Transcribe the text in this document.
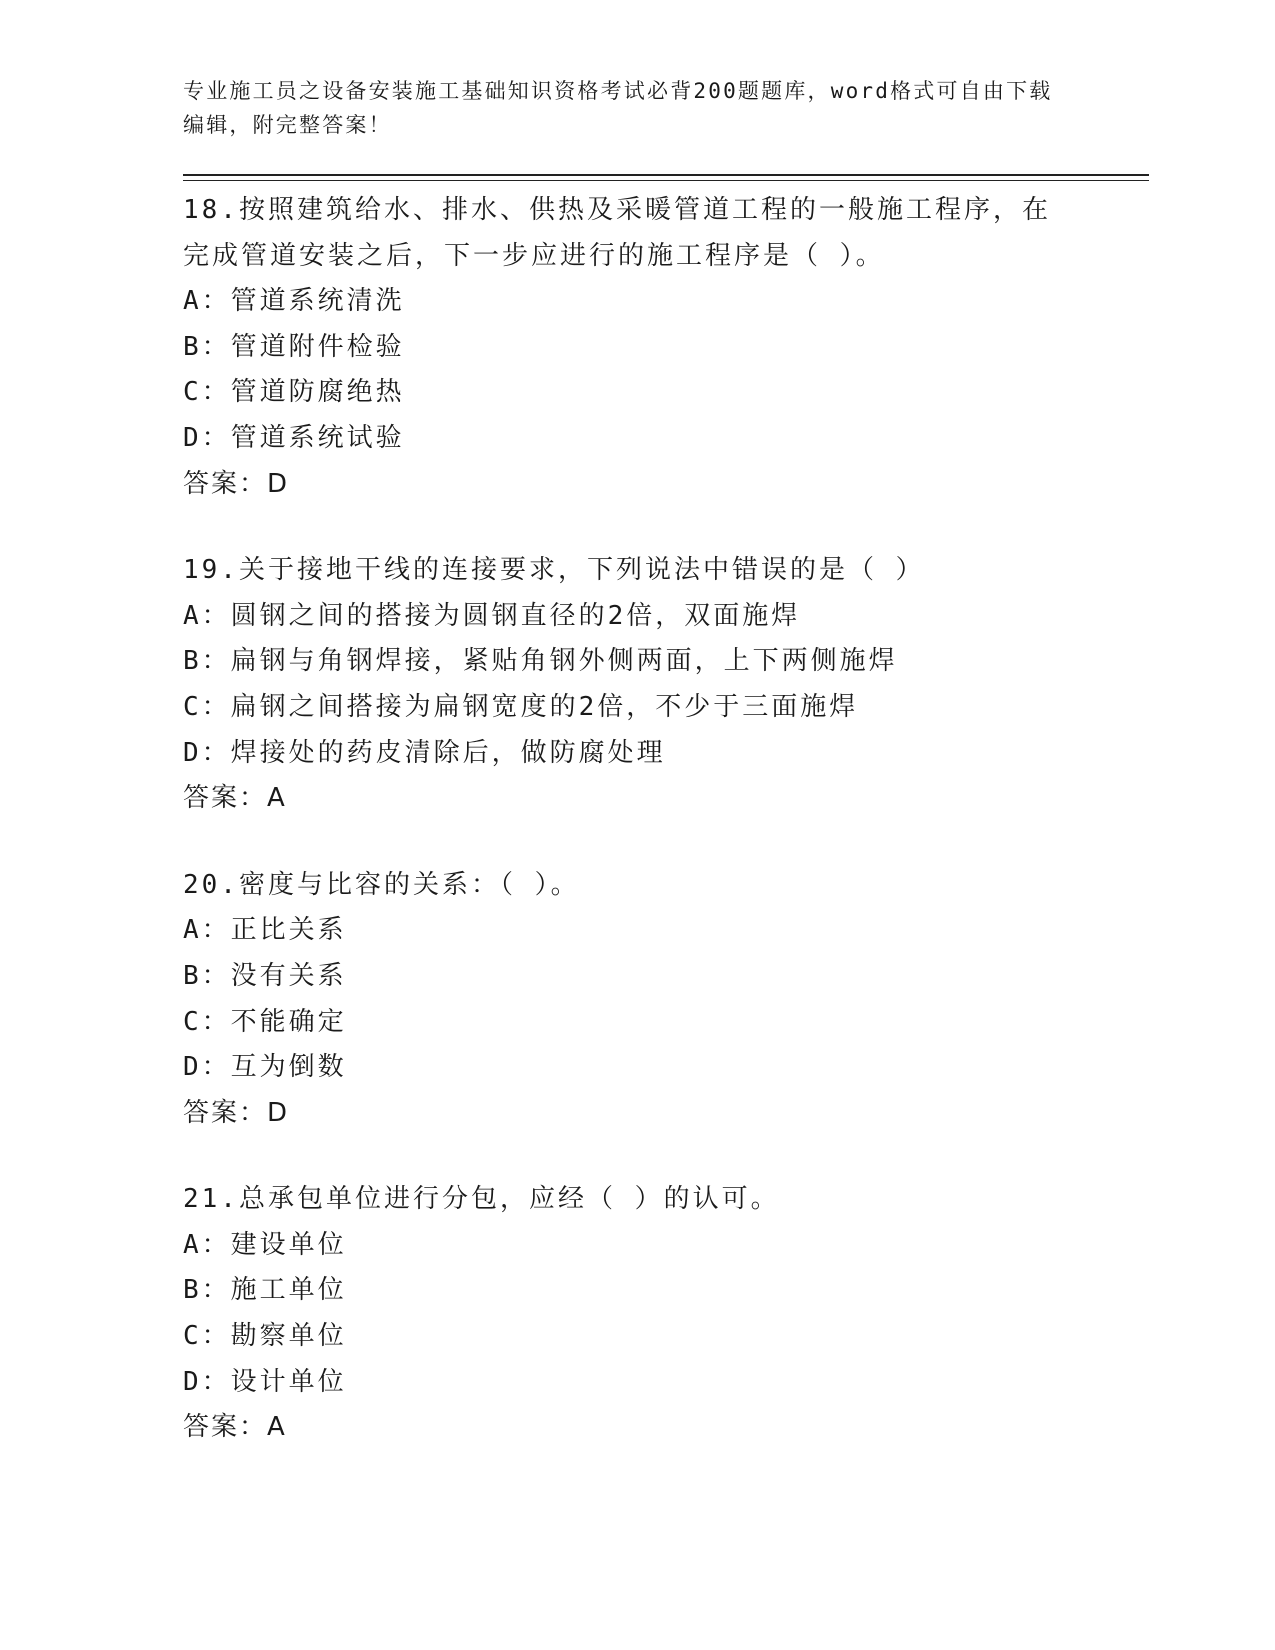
专业施工员之设备安装施工基础知识资格考试必背200题题库，word格式可自由下载编辑，附完整答案！
18.按照建筑给水、排水、供热及采暖管道工程的一般施工程序，在完成管道安装之后，下一步应进行的施工程序是（ ）。
A：管道系统清洗
B：管道附件检验
C：管道防腐绝热
D：管道系统试验
答案：D
19.关于接地干线的连接要求，下列说法中错误的是（ ）
A：圆钢之间的搭接为圆钢直径的2倍，双面施焊
B：扁钢与角钢焊接，紧贴角钢外侧两面，上下两侧施焊
C：扁钢之间搭接为扁钢宽度的2倍，不少于三面施焊
D：焊接处的药皮清除后，做防腐处理
答案：A
20.密度与比容的关系：（ ）。
A：正比关系
B：没有关系
C：不能确定
D：互为倒数
答案：D
21.总承包单位进行分包，应经（ ）的认可。
A：建设单位
B：施工单位
C：勘察单位
D：设计单位
答案：A
